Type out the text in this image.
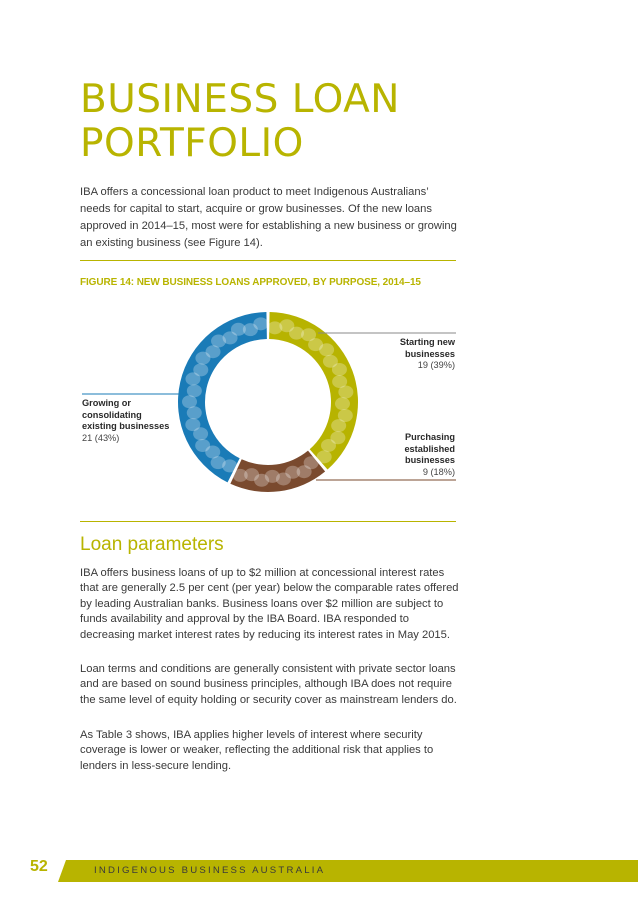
BUSINESS LOAN
PORTFOLIO
IBA offers a concessional loan product to meet Indigenous Australians’ needs for capital to start, acquire or grow businesses. Of the new loans approved in 2014–15, most were for establishing a new business or growing an existing business (see Figure 14).
FIGURE 14: NEW BUSINESS LOANS APPROVED, BY PURPOSE, 2014–15
Starting new
businesses
19 (39%)
Purchasing
established
businesses
9 (18%)
Growing or
consolidating
existing businesses
21 (43%)
Loan parameters

IBA offers business loans of up to $2 million at concessional interest rates that are generally 2.5 per cent (per year) below the comparable rates offered by leading Australian banks. Business loans over $2 million are subject to funds availability and approval by the IBA Board. IBA responded to decreasing market interest rates by reducing its interest rates in May 2015.

Loan terms and conditions are generally consistent with private sector loans and are based on sound business principles, although IBA does not require the same level of equity holding or security cover as mainstream lenders do.

As Table 3 shows, IBA applies higher levels of interest where security coverage is lower or weaker, reflecting the additional risk that applies to lenders in less-secure lending.

52	INDIGENOUS BUSINESS AUSTRALIA
